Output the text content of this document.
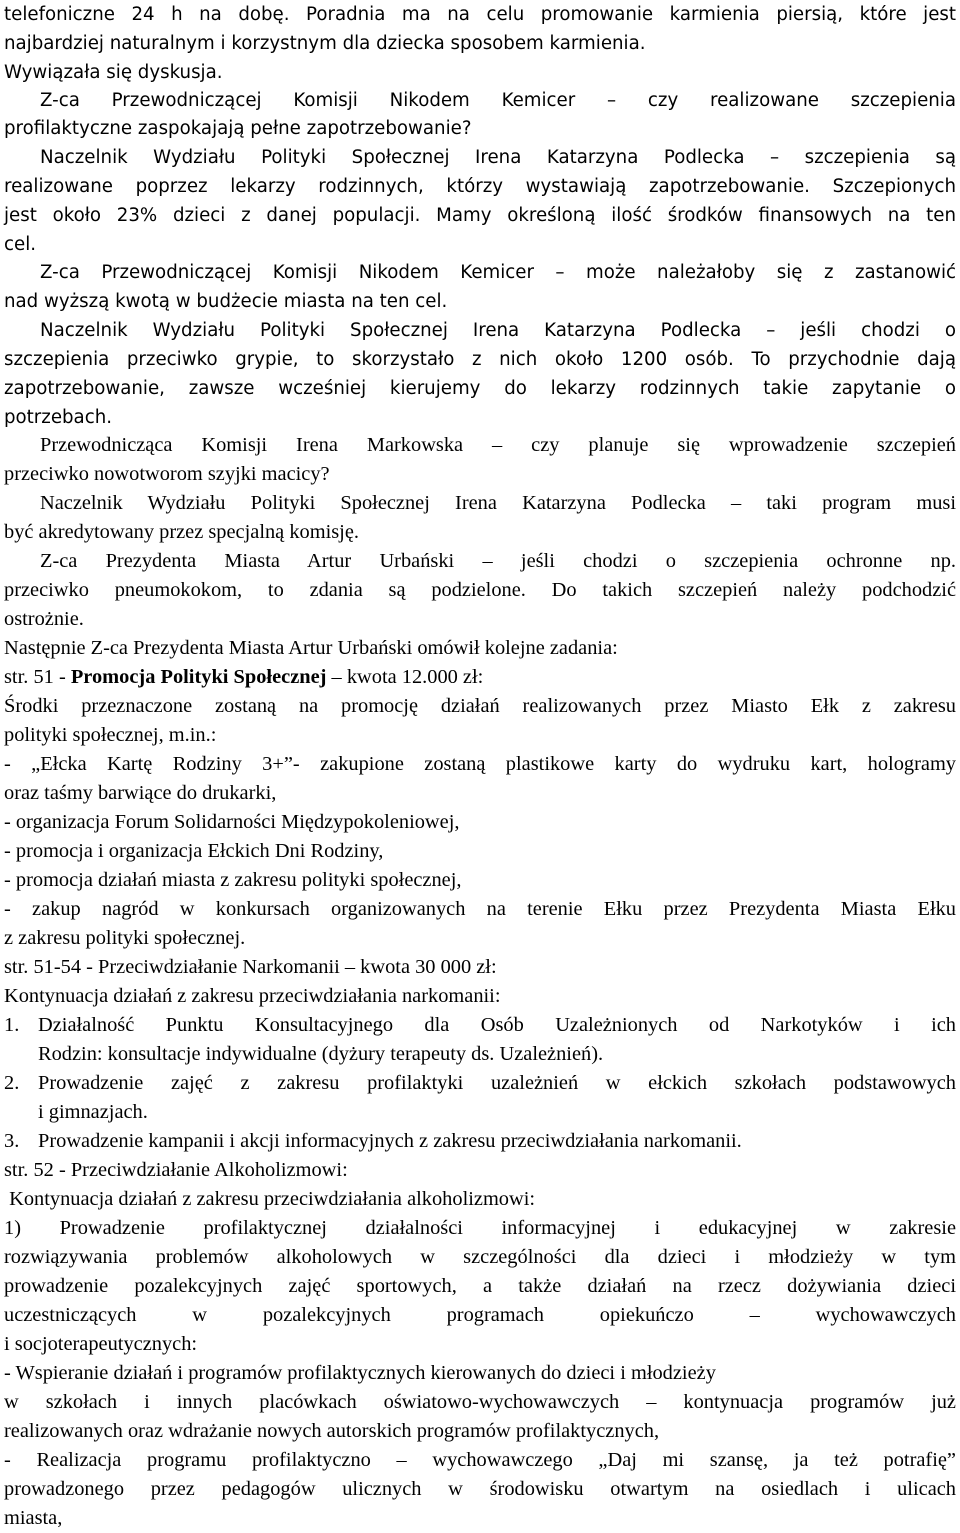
telefoniczne 24 h na dobę. Poradnia ma na celu promowanie karmienia piersią, które jest
najbardziej naturalnym i korzystnym dla dziecka sposobem karmienia.
Wywiązała się dyskusja.
Z-ca Przewodniczącej Komisji Nikodem Kemicer – czy realizowane szczepienia
profilaktyczne zaspokajają pełne zapotrzebowanie?
Naczelnik Wydziału Polityki Społecznej Irena Katarzyna Podlecka – szczepienia są
realizowane poprzez lekarzy rodzinnych, którzy wystawiają zapotrzebowanie. Szczepionych
jest około 23% dzieci z danej populacji. Mamy określoną ilość środków finansowych na ten
cel.
Z-ca Przewodniczącej Komisji Nikodem Kemicer – może należałoby się z zastanowić
nad wyższą kwotą w budżecie miasta na ten cel.
Naczelnik Wydziału Polityki Społecznej Irena Katarzyna Podlecka – jeśli chodzi o
szczepienia przeciwko grypie, to skorzystało z nich około 1200 osób. To przychodnie dają
zapotrzebowanie, zawsze wcześniej kierujemy do lekarzy rodzinnych takie zapytanie o
potrzebach.
Przewodnicząca Komisji Irena Markowska – czy planuje się wprowadzenie szczepień
przeciwko nowotworom szyjki macicy?
Naczelnik Wydziału Polityki Społecznej Irena Katarzyna Podlecka – taki program musi
być akredytowany przez specjalną komisję.
Z-ca Prezydenta Miasta Artur Urbański – jeśli chodzi o szczepienia ochronne np.
przeciwko pneumokokom, to zdania są podzielone. Do takich szczepień należy podchodzić
ostrożnie.
Następnie Z-ca Prezydenta Miasta Artur Urbański omówił kolejne zadania:
str. 51 - Promocja Polityki Społecznej – kwota 12.000 zł:
Środki przeznaczone zostaną na promocję działań realizowanych przez Miasto Ełk z zakresu
polityki społecznej, m.in.:
- „Ełcka Kartę Rodziny 3+”- zakupione zostaną plastikowe karty do wydruku kart, hologramy
oraz taśmy barwiące do drukarki,
- organizacja Forum Solidarności Międzypokoleniowej,
- promocja i organizacja Ełckich Dni Rodziny,
- promocja działań miasta z zakresu polityki społecznej,
- zakup nagród w konkursach organizowanych na terenie Ełku przez Prezydenta Miasta Ełku
z zakresu polityki społecznej.
str. 51-54 - Przeciwdziałanie Narkomanii – kwota 30 000 zł:
Kontynuacja działań z zakresu przeciwdziałania narkomanii:
1. Działalność Punktu Konsultacyjnego dla Osób Uzależnionych od Narkotyków i ich
Rodzin: konsultacje indywidualne (dyżury terapeuty ds. Uzależnień).
2. Prowadzenie zajęć z zakresu profilaktyki uzależnień w ełckich szkołach podstawowych
i gimnazjach.
3. Prowadzenie kampanii i akcji informacyjnych z zakresu przeciwdziałania narkomanii.
str. 52 - Przeciwdziałanie Alkoholizmowi:
Kontynuacja działań z zakresu przeciwdziałania alkoholizmowi:
1) Prowadzenie profilaktycznej działalności informacyjnej i edukacyjnej w zakresie
rozwiązywania problemów alkoholowych w szczególności dla dzieci i młodzieży w tym
prowadzenie pozalekcyjnych zajęć sportowych, a także działań na rzecz dożywiania dzieci
uczestniczących w pozalekcyjnych programach opiekuńczo – wychowawczych
i socjoterapeutycznych:
- Wspieranie działań i programów profilaktycznych kierowanych do dzieci i młodzieży
w szkołach i innych placówkach oświatowo-wychowawczych – kontynuacja programów już
realizowanych oraz wdrażanie nowych autorskich programów profilaktycznych,
- Realizacja programu profilaktyczno – wychowawczego „Daj mi szansę, ja też potrafię”
prowadzonego przez pedagogów ulicznych w środowisku otwartym na osiedlach i ulicach
miasta,
